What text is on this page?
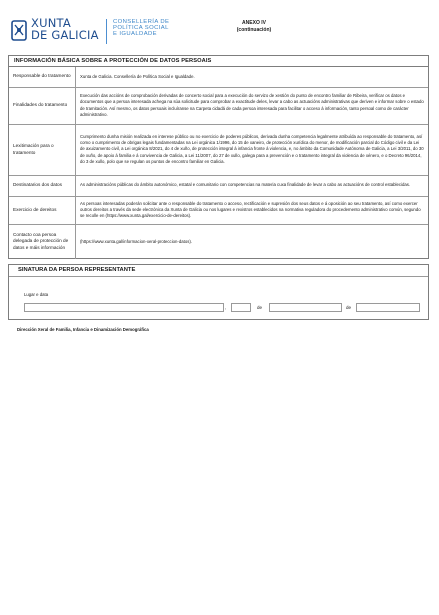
XUNTA
DE GALICIA
CONSELLERÍA DE
POLÍTICA SOCIAL
E IGUALDADE
ANEXO IV
(continuación)
INFORMACIÓN BÁSICA SOBRE A PROTECCIÓN DE DATOS PERSOAIS
Responsable do tratamento	Xunta de Galicia. Consellería de Política Social e Igualdade.
Finalidades do tratamento	Execución das accións de comprobación derivadas de concerto social para a execución do servizo de xestión do punto de encontro familiar de Ribeira, verificar os datos e documentos que a persoa interesada achega na súa solicitude para comprobar a exactitude deles, levar a cabo as actuacións administrativas que deriven e informar sobre o estado de tramitación. Así mesmo, os datos persoais incluíranse na Carpeta cidadá de cada persoa interesada para facilitar o acceso á información, tanto persoal como de carácter administrativo.
Lexitimación para o tratamento	Cumprimento dunha misión realizada en interese público ou no exercicio de poderes públicos, derivada dunha competencia legalmente atribuída ao responsable do tratamento, así como o cumprimento de obrigas legais fundamentadas na Lei orgánica 1/1996, do 15 de xaneiro, de protección xurídica do menor, de modificación parcial do Código civil e da Lei de axuizamento civil, a Lei orgánica 8/2021, do 4 de xuño, de protección integral á infancia fronte á violencia, e, no ámbito da Comunidade Autónoma de Galicia, a Lei 3/2011, do 30 de xuño, de apoio á familia e á convivencia de Galicia, a Lei 11/2007, do 27 de xullo, galega para a prevención e o tratamento integral da violencia de xénero, e o Decreto 96/2014, do 3 de xullo, polo que se regulan os puntos de encontro familiar en Galicia.
Destinatarios dos datos	As administracións públicas do ámbito autonómico, estatal e comunitario con competencias na materia cuxa finalidade de levar a cabo as actuacións de control establecidas.
Exercicio de dereitos	As persoas interesadas poderán solicitar ante o responsable do tratamento o acceso, rectificación e supresión dos seus datos e á oposición ao seu tratamento, así como exercer outros dereitos a través da sede electrónica da Xunta de Galicia ou nos lugares e rexistros establecidos na normativa reguladora do procedemento administrativo común, segundo se recolle en (https://www.xunta.gal/exercicio-de-dereitos).
Contacto coa persoa delegada de protección de datos e máis información	(https://www.xunta.gal/informacion-xeral-proteccion-datos).
SINATURA DA PERSOA REPRESENTANTE
Lugar e data
,	de	de
Dirección Xeral de Familia, Infancia e Dinamización Demográfica
